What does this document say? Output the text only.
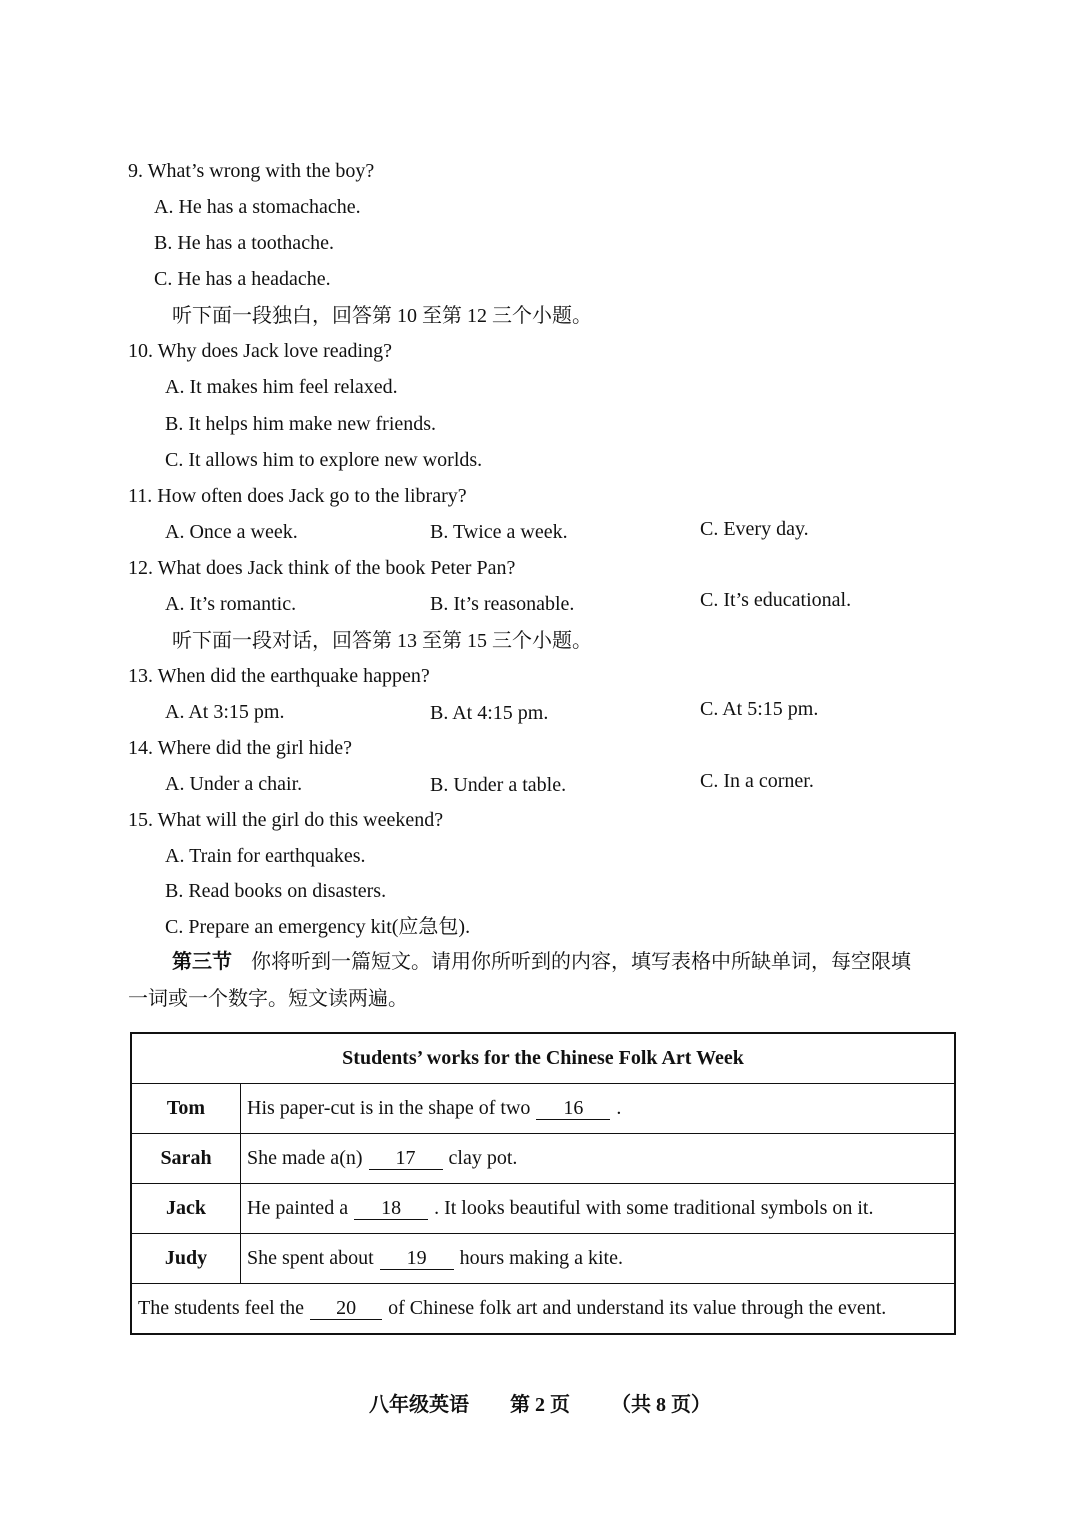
9. What’s wrong with the boy?
A. He has a stomachache.
B. He has a toothache.
C. He has a headache.
听下面一段独白，回答第 10 至第 12 三个小题。
10. Why does Jack love reading?
A. It makes him feel relaxed.
B. It helps him make new friends.
C. It allows him to explore new worlds.
11. How often does Jack go to the library?
A. Once a week.	B. Twice a week.	C. Every day.
12. What does Jack think of the book Peter Pan?
A. It’s romantic.	B. It’s reasonable.	C. It’s educational.
听下面一段对话，回答第 13 至第 15 三个小题。
13. When did the earthquake happen?
A. At 3:15 pm.	B. At 4:15 pm.	C. At 5:15 pm.
14. Where did the girl hide?
A. Under a chair.	B. Under a table.	C. In a corner.
15. What will the girl do this weekend?
A. Train for earthquakes.
B. Read books on disasters.
C. Prepare an emergency kit(应急包).
第三节 你将听到一篇短文。请用你所听到的内容，填写表格中所缺单词，每空限填
一词或一个数字。短文读两遍。
Students’ works for the Chinese Folk Art Week	
Tom	His paper-cut is in the shape of two 16 .
Sarah	She made a(n) 17 clay pot.
Jack	He painted a 18 . It looks beautiful with some traditional symbols on it.
Judy	She spent about 19 hours making a kite.
The students feel the 20 of Chinese folk art and understand its value through the event.	
八年级英语 第 2 页 （共 8 页）
